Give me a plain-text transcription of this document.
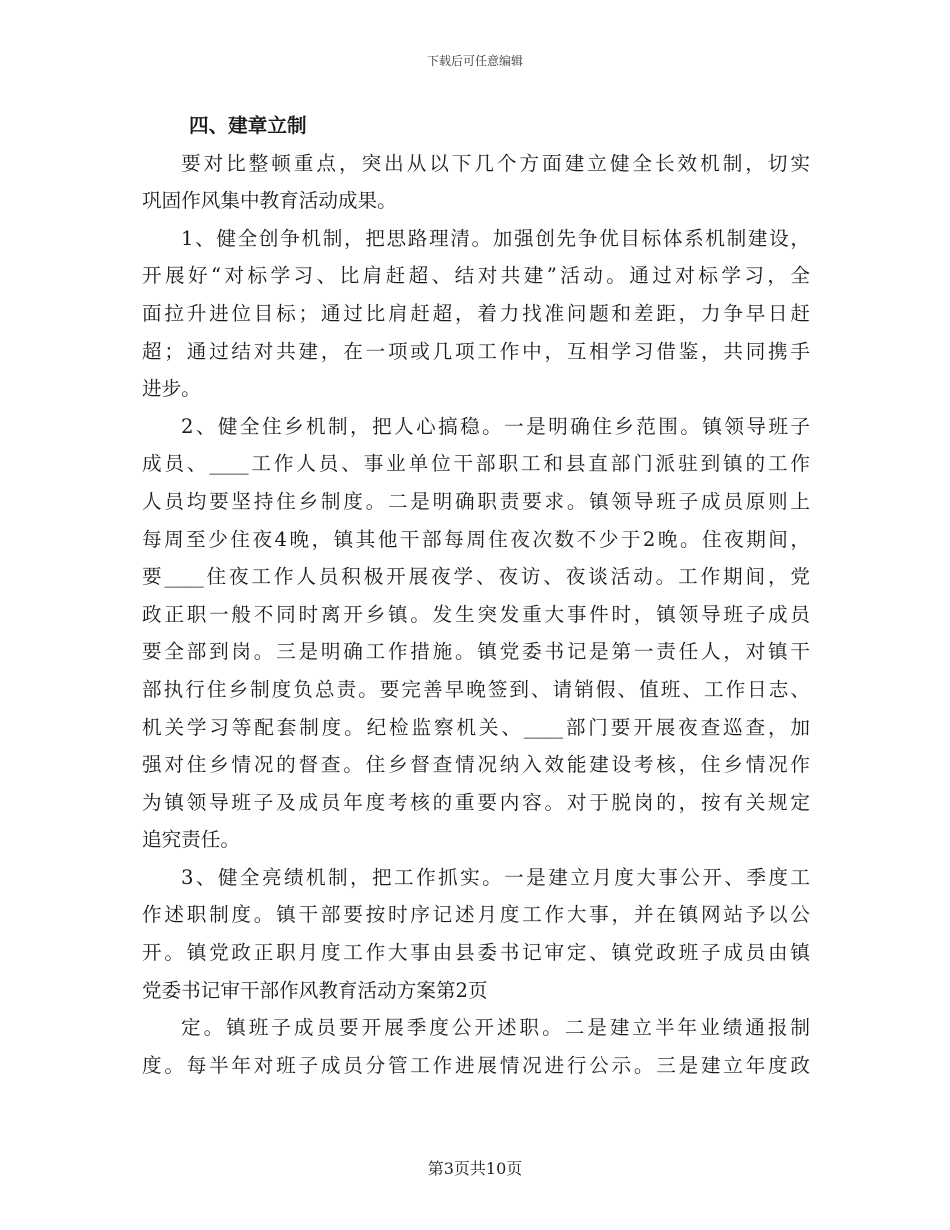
下载后可任意编辑
四、建章立制
要对比整顿重点，突出从以下几个方面建立健全长效机制，切实
巩固作风集中教育活动成果。
1、健全创争机制，把思路理清。加强创先争优目标体系机制建设，
开展好“对标学习、比肩赶超、结对共建”活动。通过对标学习，全
面拉升进位目标；通过比肩赶超，着力找准问题和差距，力争早日赶
超；通过结对共建，在一项或几项工作中，互相学习借鉴，共同携手
进步。
2、健全住乡机制，把人心搞稳。一是明确住乡范围。镇领导班子
成员、____工作人员、事业单位干部职工和县直部门派驻到镇的工作
人员均要坚持住乡制度。二是明确职责要求。镇领导班子成员原则上
每周至少住夜4晚，镇其他干部每周住夜次数不少于2晚。住夜期间，
要____住夜工作人员积极开展夜学、夜访、夜谈活动。工作期间，党
政正职一般不同时离开乡镇。发生突发重大事件时，镇领导班子成员
要全部到岗。三是明确工作措施。镇党委书记是第一责任人，对镇干
部执行住乡制度负总责。要完善早晚签到、请销假、值班、工作日志、
机关学习等配套制度。纪检监察机关、____部门要开展夜查巡查，加
强对住乡情况的督查。住乡督查情况纳入效能建设考核，住乡情况作
为镇领导班子及成员年度考核的重要内容。对于脱岗的，按有关规定
追究责任。
3、健全亮绩机制，把工作抓实。一是建立月度大事公开、季度工
作述职制度。镇干部要按时序记述月度工作大事，并在镇网站予以公
开。镇党政正职月度工作大事由县委书记审定、镇党政班子成员由镇
党委书记审干部作风教育活动方案第2页
定。镇班子成员要开展季度公开述职。二是建立半年业绩通报制
度。每半年对班子成员分管工作进展情况进行公示。三是建立年度政
第3页共10页
